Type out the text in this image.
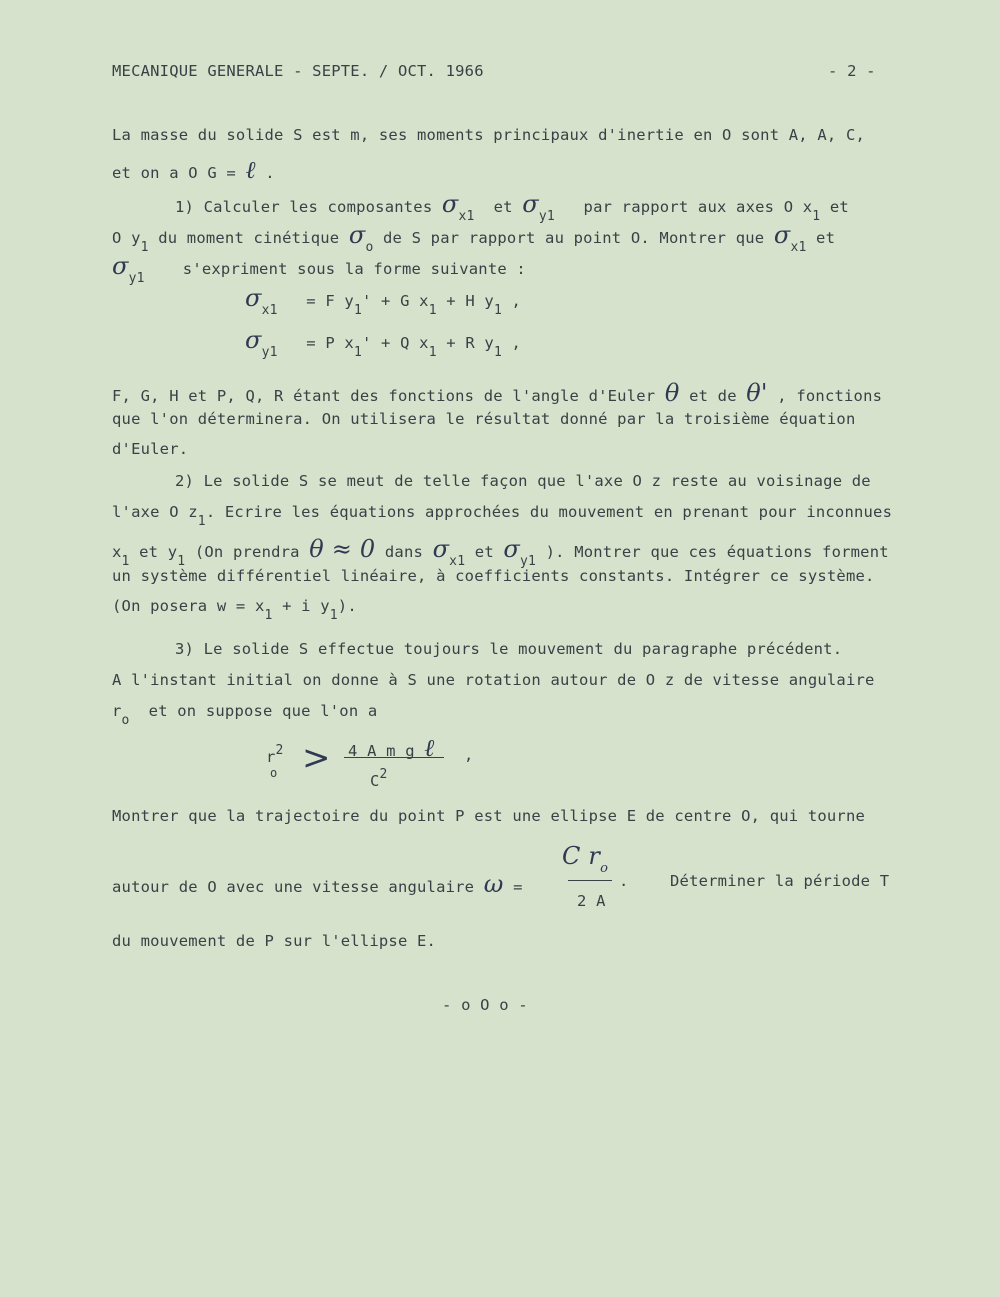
MECANIQUE GENERALE - SEPTE. / OCT. 1966	- 2 -
La masse du solide S est m, ses moments principaux d'inertie en O sont A, A, C,
et on a O G = ℓ .
1) Calculer les composantes $\sigma_{x1}$  et $\sigma_{y1}$   par rapport aux axes O $x_1$ et
O $y_1$ du moment cinétique $\sigma_o$ de S par rapport au point O. Montrer que $\sigma_{x1}$ et
$\sigma_{y1}$    s'expriment sous la forme suivante :
$\sigma_{x1} = F$ $y_1' + G$ $x_1 + H$ $y_1$ ,
$\sigma_{y1} = P$ $x_1' + Q$ $x_1 + R$ $y_1$ ,
F, G, H et P, Q, R étant des fonctions de l'angle d'Euler θ et de θ' , fonctions
que l'on déterminera. On utilisera le résultat donné par la troisième équation
d'Euler.
2) Le solide S se meut de telle façon que l'axe O z reste au voisinage de
l'axe O $z_1$. Ecrire les équations approchées du mouvement en prenant pour inconnues
$x_1$ et $y_1$ (On prendra θ ≈ 0 dans $\sigma_{x1}$ et $\sigma_{y1}$ ). Montrer que ces équations forment
un système différentiel linéaire, à coefficients constants. Intégrer ce système.
(On posera $w = x_1 + i$ $y_1$).
3) Le solide S effectue toujours le mouvement du paragraphe précédent.
A l'instant initial on donne à S une rotation autour de O z de vitesse angulaire
$r_o$  et on suppose que l'on a
$r^2$
o > 4 A m g ℓ
$C^2$
,
Montrer que la trajectoire du point P est une ellipse E de centre O, qui tourne
autour de O avec une vitesse angulaire ω =
C $r_o$
2 A
.	Déterminer la période T
du mouvement de P sur l'ellipse E.
- o O o -
